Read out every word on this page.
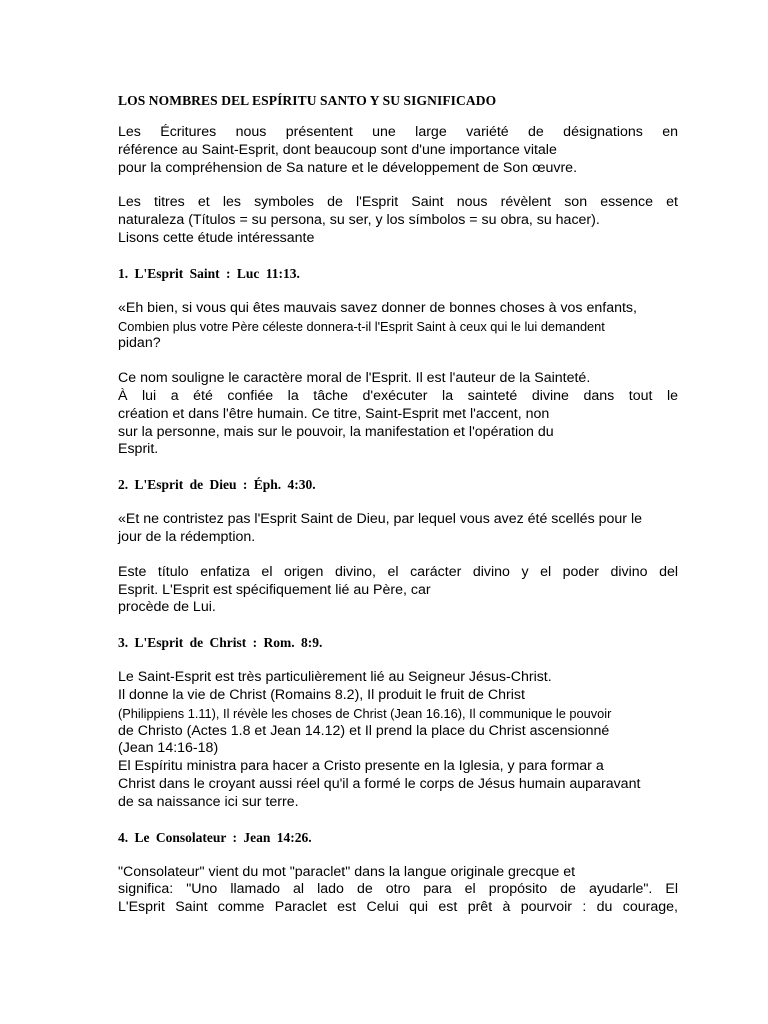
LOS NOMBRES DEL ESPÍRITU SANTO Y SU SIGNIFICADO
Les Écritures nous présentent une large variété de désignations en
référence au Saint-Esprit, dont beaucoup sont d'une importance vitale
pour la compréhension de Sa nature et le développement de Son œuvre.
Les titres et les symboles de l'Esprit Saint nous révèlent son essence et
naturaleza (Títulos = su persona, su ser, y los símbolos = su obra, su hacer).
Lisons cette étude intéressante
1. L'Esprit Saint : Luc 11:13.
«Eh bien, si vous qui êtes mauvais savez donner de bonnes choses à vos enfants,
Combien plus votre Père céleste donnera-t-il l'Esprit Saint à ceux qui le lui demandent
pidan?
Ce nom souligne le caractère moral de l'Esprit. Il est l'auteur de la Sainteté.
À lui a été confiée la tâche d'exécuter la sainteté divine dans tout le
création et dans l'être humain. Ce titre, Saint-Esprit met l'accent, non
sur la personne, mais sur le pouvoir, la manifestation et l'opération du
Esprit.
2. L'Esprit de Dieu : Éph. 4:30.
«Et ne contristez pas l'Esprit Saint de Dieu, par lequel vous avez été scellés pour le
jour de la rédemption.
Este título enfatiza el origen divino, el carácter divino y el poder divino del
Esprit. L'Esprit est spécifiquement lié au Père, car
procède de Lui.
3. L'Esprit de Christ : Rom. 8:9.
Le Saint-Esprit est très particulièrement lié au Seigneur Jésus-Christ.
Il donne la vie de Christ (Romains 8.2), Il produit le fruit de Christ
(Philippiens 1.11), Il révèle les choses de Christ (Jean 16.16), Il communique le pouvoir
de Christo (Actes 1.8 et Jean 14.12) et Il prend la place du Christ ascensionné
(Jean 14:16-18)
El Espíritu ministra para hacer a Cristo presente en la Iglesia, y para formar a
Christ dans le croyant aussi réel qu'il a formé le corps de Jésus humain auparavant
de sa naissance ici sur terre.
4. Le Consolateur : Jean 14:26.
"Consolateur" vient du mot "paraclet" dans la langue originale grecque et
significa: "Uno llamado al lado de otro para el propósito de ayudarle". El
L'Esprit Saint comme Paraclet est Celui qui est prêt à pourvoir : du courage,
